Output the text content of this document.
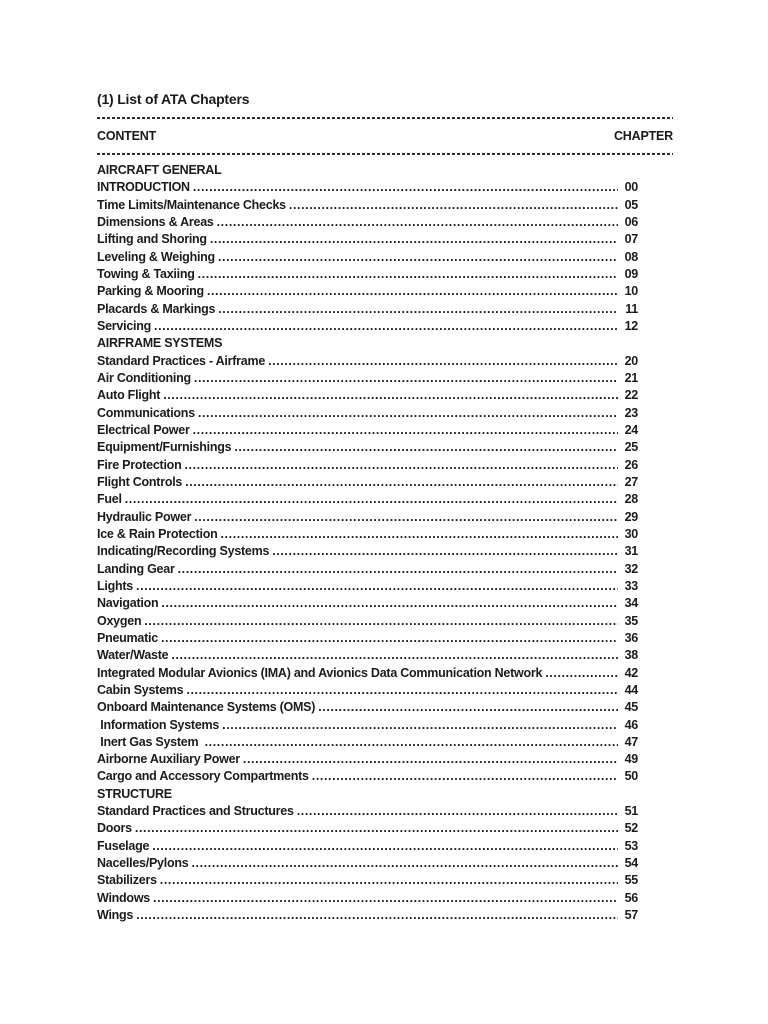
(1) List of ATA Chapters
CONTENT	CHAPTER
AIRCRAFT GENERAL
INTRODUCTION .....	00
Time Limits/Maintenance Checks .....	05
Dimensions & Areas .....	06
Lifting and Shoring .....	07
Leveling & Weighing .....	08
Towing & Taxiing .....	09
Parking & Mooring .....	10
Placards & Markings .....	11
Servicing .....	12
AIRFRAME SYSTEMS
Standard Practices - Airframe .....	20
Air Conditioning .....	21
Auto Flight .....	22
Communications .....	23
Electrical Power .....	24
Equipment/Furnishings .....	25
Fire Protection .....	26
Flight Controls .....	27
Fuel .....	28
Hydraulic Power .....	29
Ice & Rain Protection .....	30
Indicating/Recording Systems .....	31
Landing Gear .....	32
Lights .....	33
Navigation .....	34
Oxygen .....	35
Pneumatic .....	36
Water/Waste .....	38
Integrated Modular Avionics (IMA) and Avionics Data Communication Network .....	42
Cabin Systems .....	44
Onboard Maintenance Systems (OMS) .....	45
Information Systems .....	46
Inert Gas System .....	47
Airborne Auxiliary Power .....	49
Cargo and Accessory Compartments .....	50
STRUCTURE
Standard Practices and Structures .....	51
Doors .....	52
Fuselage .....	53
Nacelles/Pylons .....	54
Stabilizers .....	55
Windows .....	56
Wings .....	57
